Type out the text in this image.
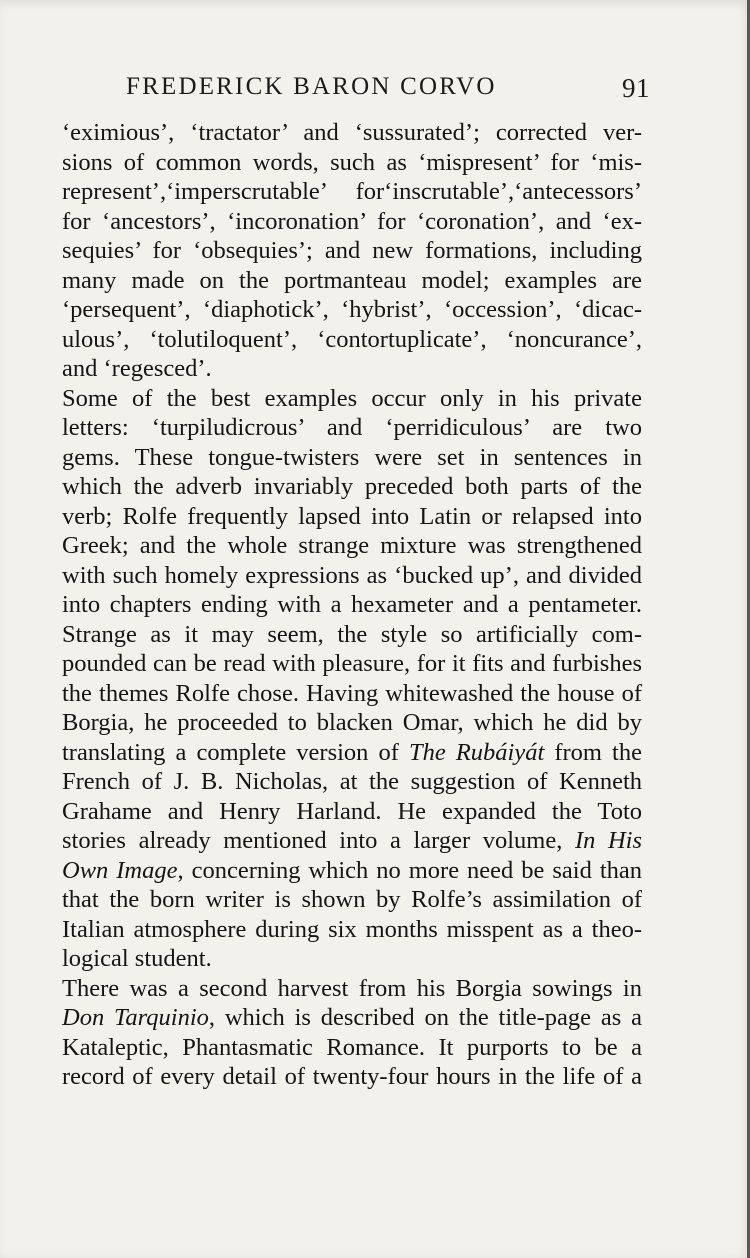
FREDERICK BARON CORVO	91
‘eximious’, ‘tractator’ and ‘sussurated’; corrected ver-
sions of common words, such as ‘mispresent’ for ‘mis-
represent’,‘imperscrutable’ for‘inscrutable’,‘antecessors’
for ‘ancestors’, ‘incoronation’ for ‘coronation’, and ‘ex-
sequies’ for ‘obsequies’; and new formations, including
many made on the portmanteau model; examples are
‘persequent’, ‘diaphotick’, ‘hybrist’, ‘occession’, ‘dicac-
ulous’, ‘tolutiloquent’, ‘contortuplicate’, ‘noncurance’,
and ‘regesced’.
Some of the best examples occur only in his private
letters: ‘turpiludicrous’ and ‘perridiculous’ are two
gems. These tongue-twisters were set in sentences in
which the adverb invariably preceded both parts of the
verb; Rolfe frequently lapsed into Latin or relapsed into
Greek; and the whole strange mixture was strengthened
with such homely expressions as ‘bucked up’, and divided
into chapters ending with a hexameter and a pentameter.
Strange as it may seem, the style so artificially com-
pounded can be read with pleasure, for it fits and furbishes
the themes Rolfe chose. Having whitewashed the house of
Borgia, he proceeded to blacken Omar, which he did by
translating a complete version of The Rubáiyát from the
French of J. B. Nicholas, at the suggestion of Kenneth
Grahame and Henry Harland. He expanded the Toto
stories already mentioned into a larger volume, In His
Own Image, concerning which no more need be said than
that the born writer is shown by Rolfe’s assimilation of
Italian atmosphere during six months misspent as a theo-
logical student.
There was a second harvest from his Borgia sowings in
Don Tarquinio, which is described on the title-page as a
Kataleptic, Phantasmatic Romance. It purports to be a
record of every detail of twenty-four hours in the life of a
